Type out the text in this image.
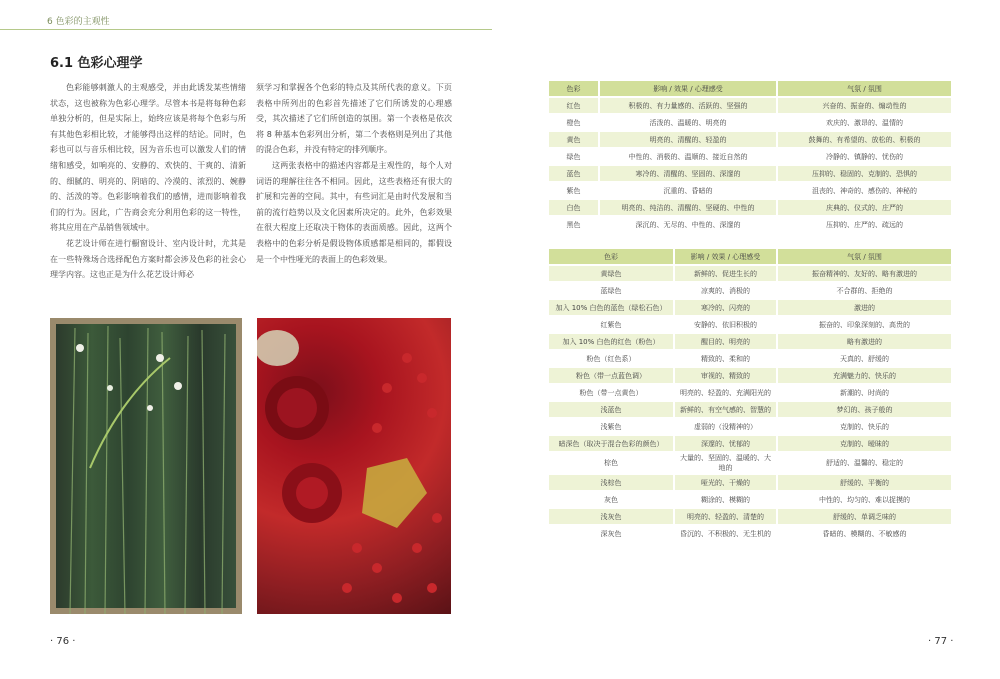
6 色彩的主观性
6.1 色彩心理学

色彩能够刺激人的主观感受，并由此诱发某些情绪状态，这也被称为色彩心理学。尽管本书是将每种色彩单独分析的，但是实际上，始终应该是将每个色彩与所有其他色彩相比较，才能够得出这样的结论。同时，色彩也可以与音乐相比较，因为音乐也可以激发人们的情绪和感受，如响亮的、安静的、欢快的、干爽的、清新的、细腻的、明亮的、阴暗的、冷漠的、浓烈的、婉静的、活泼的等。色彩影响着我们的感情，进而影响着我们的行为。因此，广告商会充分利用色彩的这一特性，将其应用在产品销售领域中。

花艺设计师在进行橱窗设计、室内设计时，尤其是在一些特殊场合选择配色方案时都会涉及色彩的社会心理学内容。这也正是为什么花艺设计师必

须学习和掌握各个色彩的特点及其所代表的意义。下页表格中所列出的色彩首先描述了它们所诱发的心理感受，其次描述了它们所创造的氛围。第一个表格是依次将 8 种基本色彩列出分析，第二个表格则是列出了其他的混合色彩，并没有特定的排列顺序。

这两张表格中的描述内容都是主观性的，每个人对词语的理解往往各不相同。因此，这些表格还有很大的扩展和完善的空间。其中，有些词汇是由时代发展和当前的流行趋势以及文化因素所决定的。此外，色彩效果在很大程度上还取决于物体的表面质感。因此，这两个表格中的色彩分析是假设物体质感都是相同的，都假设是一个中性哑光的表面上的色彩效果。

· 76 ·	· 77 ·
色彩	影响 / 效果 / 心理感受	气氛 / 氛围
红色	积极的、有力量感的、活跃的、坚强的	兴奋的、振奋的、煽动性的
橙色	活泼的、温暖的、明亮的	欢庆的、激昂的、温情的
黄色	明亮的、清醒的、轻盈的	鼓舞的、有希望的、放松的、积极的
绿色	中性的、消极的、温顺的、接近自然的	冷静的、镇静的、忧伤的
蓝色	寒冷的、清醒的、坚固的、深邃的	压抑的、稳固的、克制的、恐惧的
紫色	沉重的、昏暗的	沮丧的、神奇的、感伤的、神秘的
白色	明亮的、纯洁的、清醒的、坚硬的、中性的	庆典的、仪式的、庄严的
黑色	深沉的、无尽的、中性的、深邃的	压抑的、庄严的、疏远的
色彩	影响 / 效果 / 心理感受	气氛 / 氛围
黄绿色	新鲜的、促进生长的	振奋精神的、友好的、略有激进的
蓝绿色	凉爽的、消极的	不合群的、拒绝的
加入 10% 白色的蓝色（绿松石色）	寒冷的、闪亮的	激进的
红紫色	安静的、依旧积极的	振奋的、印象深刻的、高贵的
加入 10% 白色的红色（粉色）	醒目的、明亮的	略有激进的
粉色（红色系）	精致的、柔和的	天真的、舒缓的
粉色（带一点蓝色调）	审视的、精致的	充满魅力的、快乐的
粉色（带一点黄色）	明亮的、轻盈的、充满阳光的	新潮的、时尚的
浅蓝色	新鲜的、有空气感的、智慧的	梦幻的、孩子般的
浅紫色	虚弱的（没精神的）	克制的、快乐的
暗深色（取决于混合色彩的颜色）	深邃的、忧郁的	克制的、暧昧的
棕色	大量的、坚固的、温暖的、大地的	舒适的、温馨的、稳定的
浅棕色	哑光的、干燥的	舒缓的、平衡的
灰色	糊涂的、模糊的	中性的、均匀的、难以捉摸的
浅灰色	明亮的、轻盈的、清楚的	舒缓的、单调乏味的
深灰色	昏沉的、不积极的、无生机的	昏暗的、模糊的、不敏感的
